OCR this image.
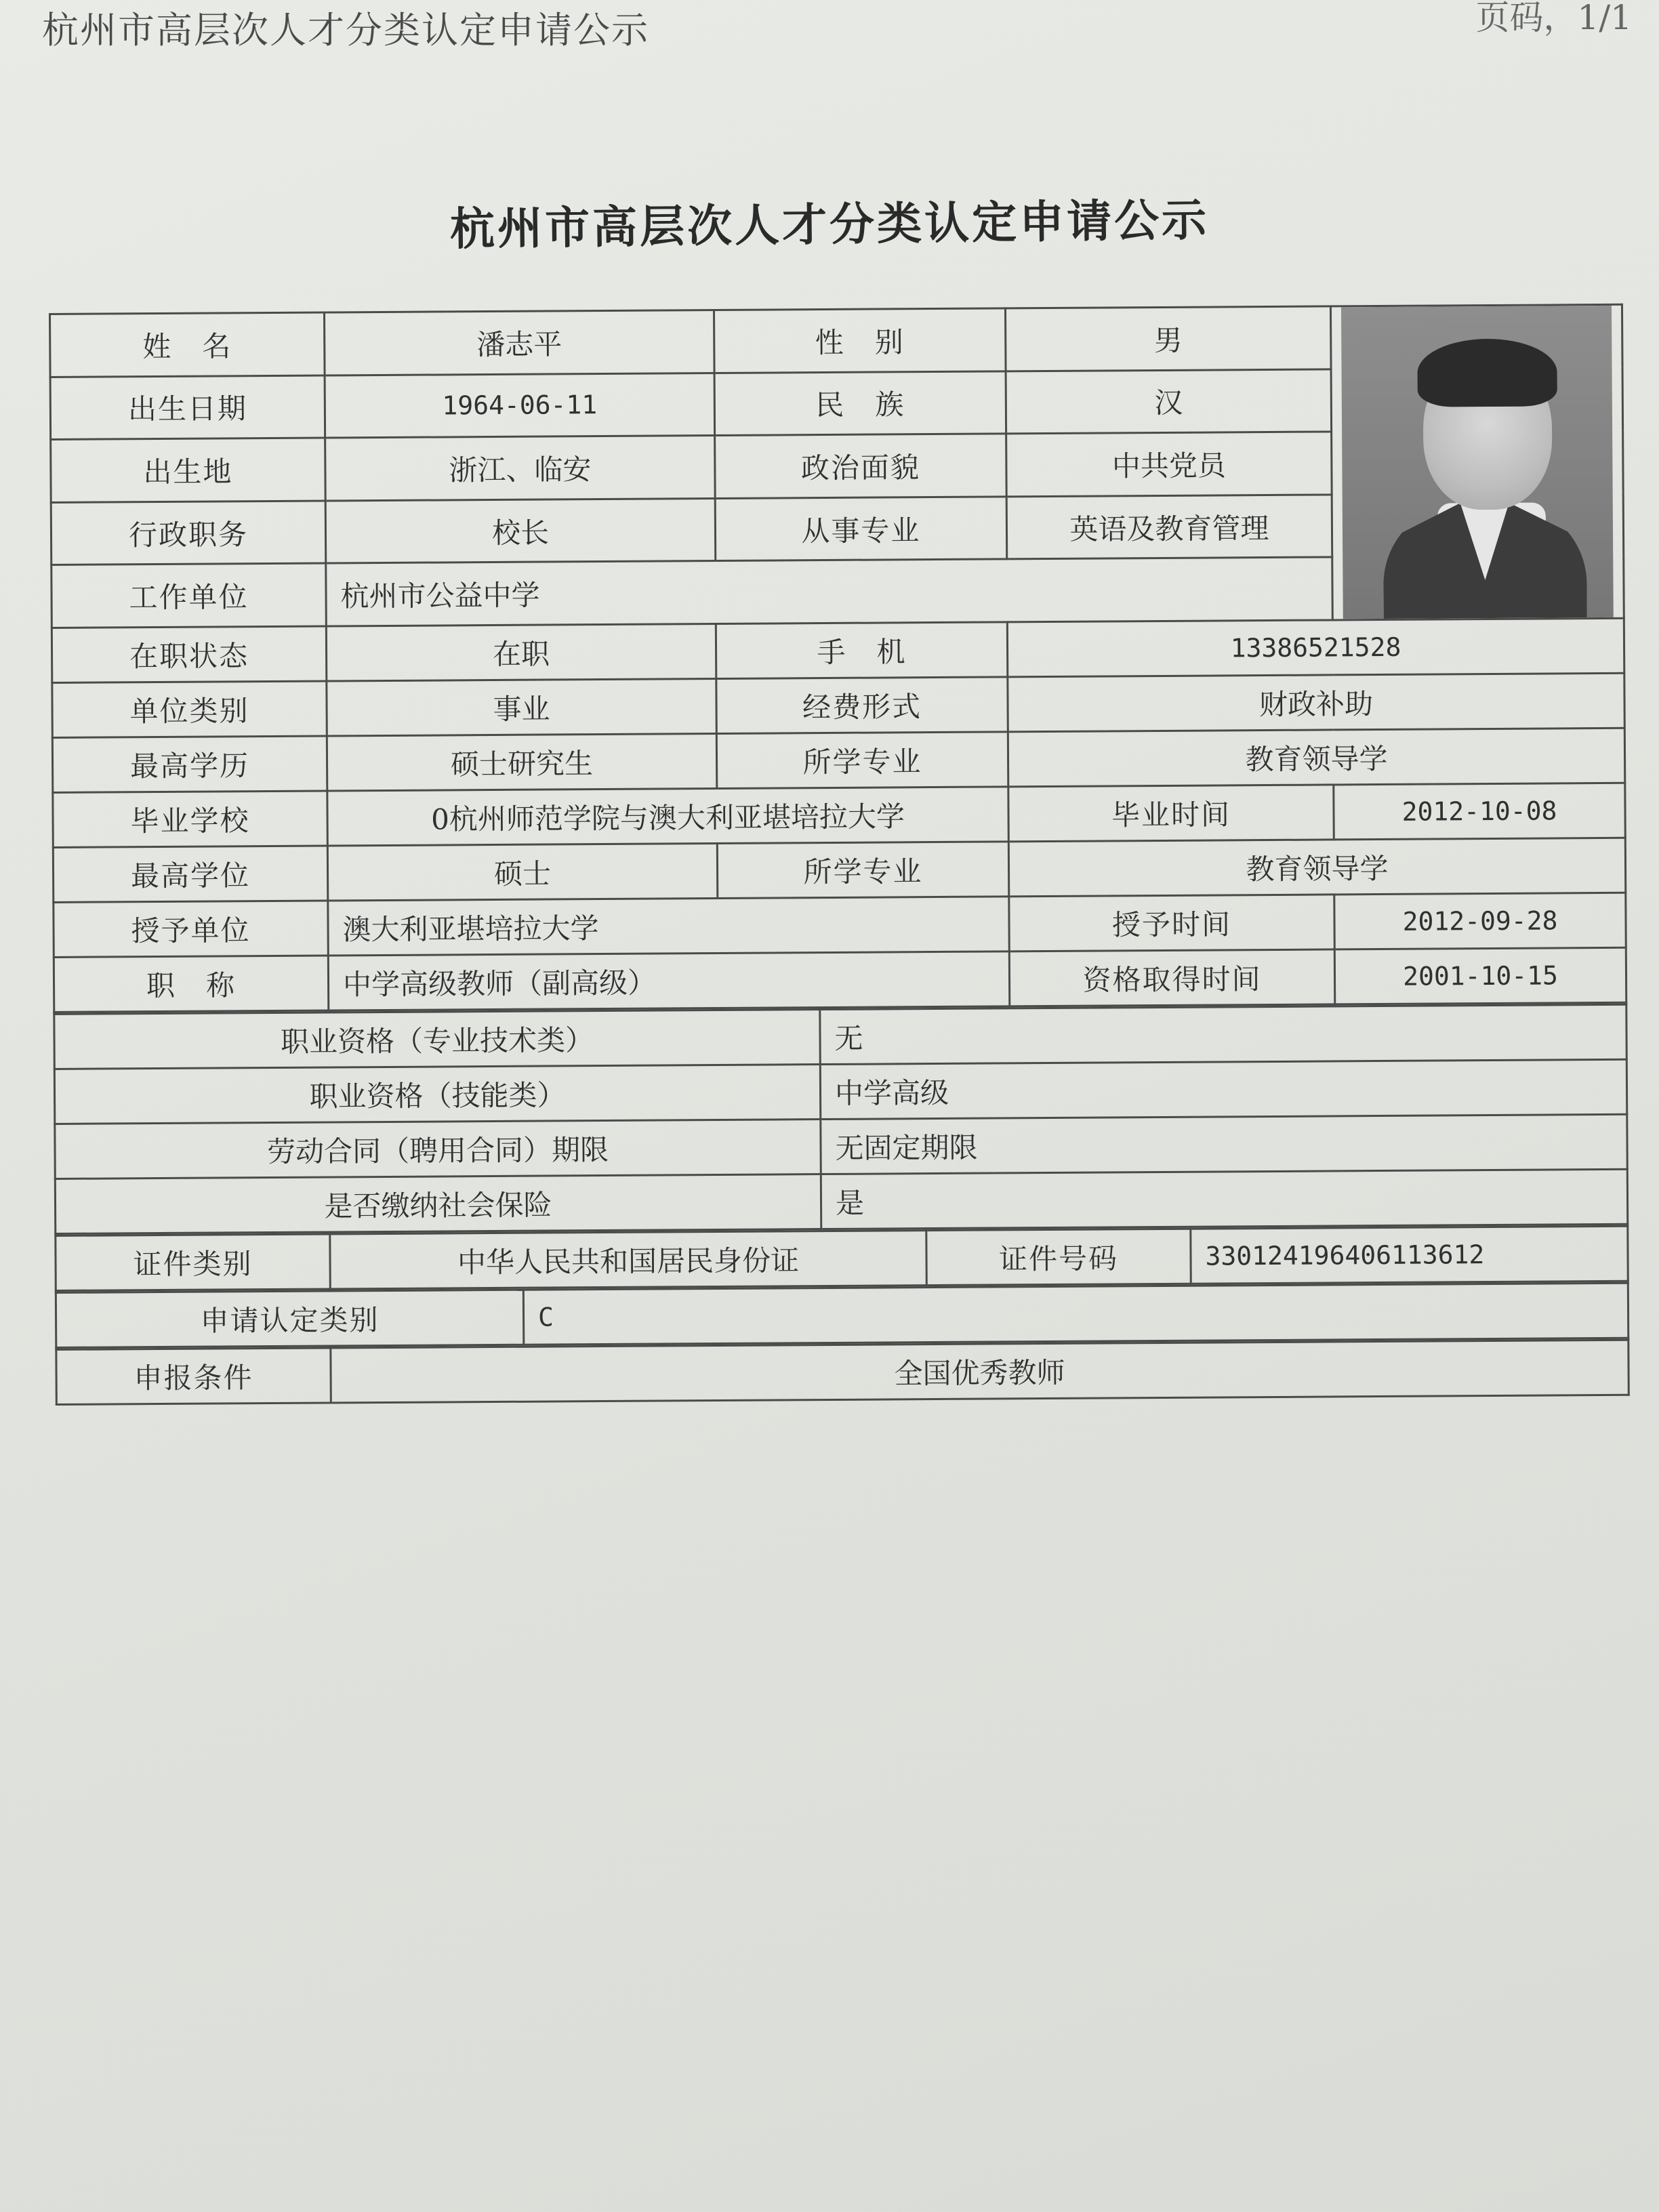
杭州市高层次人才分类认定申请公示	页码，1/1
杭州市高层次人才分类认定申请公示
姓　名	潘志平	性　别	男	

出生日期	1964-06-11	民　族	汉	
出生地	浙江、临安	政治面貌	中共党员	
行政职务	校长	从事专业	英语及教育管理	
工作单位	杭州市公益中学			
在职状态	在职	手　机	13386521528	
单位类别	事业	经费形式	财政补助	
最高学历	硕士研究生	所学专业	教育领导学	
毕业学校	0杭州师范学院与澳大利亚堪培拉大学		毕业时间	2012-10-08
最高学位	硕士	所学专业	教育领导学	
授予单位	澳大利亚堪培拉大学		授予时间	2012-09-28
职　称	中学高级教师（副高级）		资格取得时间	2001-10-15
职业资格（专业技术类）	无
职业资格（技能类）	中学高级
劳动合同（聘用合同）期限	无固定期限
是否缴纳社会保险	是
证件类别	中华人民共和国居民身份证	证件号码	330124196406113612
申请认定类别	C
申报条件	全国优秀教师
